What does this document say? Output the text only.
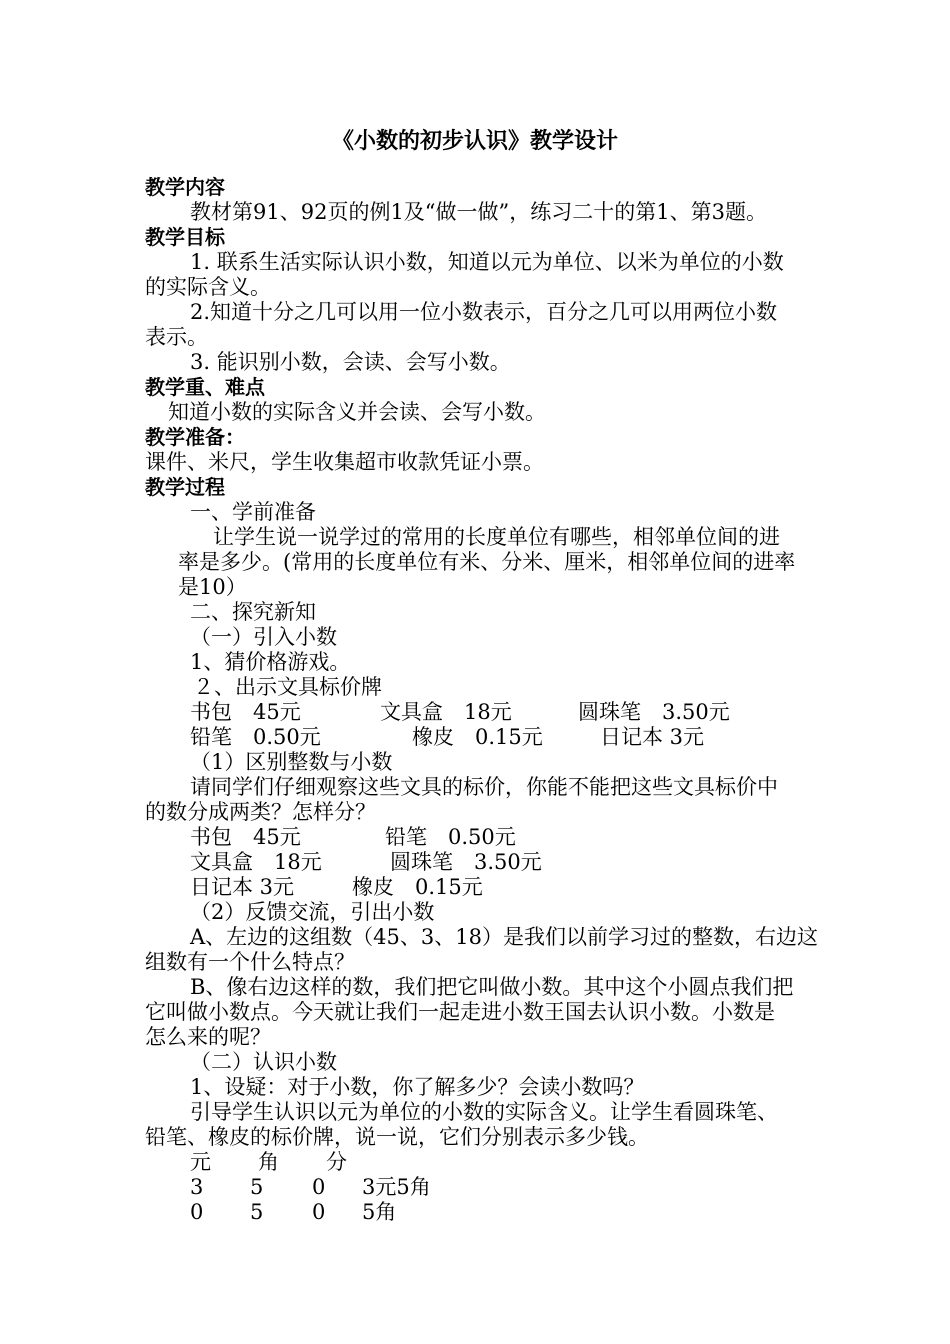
《小数的初步认识》教学设计
教学内容
教材第91、92页的例1及“做一做”，练习二十的第1、第3题。
教学目标
1. 联系生活实际认识小数，知道以元为单位、以米为单位的小数
的实际含义。
2.知道十分之几可以用一位小数表示，百分之几可以用两位小数
表示。
3. 能识别小数，会读、会写小数。
教学重、难点
知道小数的实际含义并会读、会写小数。
教学准备：
课件、米尺，学生收集超市收款凭证小票。
教学过程
一、学前准备
让学生说一说学过的常用的长度单位有哪些，相邻单位间的进
率是多少。(常用的长度单位有米、分米、厘米，相邻单位间的进率
是10）
二、探究新知
（一）引入小数
1、猜价格游戏。
２、出示文具标价牌
书包　45元	文具盒　18元	圆珠笔　3.50元
铅笔　0.50元	橡皮　0.15元	日记本 3元
（1）区别整数与小数
请同学们仔细观察这些文具的标价，你能不能把这些文具标价中
的数分成两类？怎样分？
书包　45元	铅笔　0.50元
文具盒　18元	圆珠笔　3.50元
日记本 3元	橡皮　0.15元
（2）反馈交流，引出小数
A、左边的这组数（45、3、18）是我们以前学习过的整数，右边这
组数有一个什么特点？
B、像右边这样的数，我们把它叫做小数。其中这个小圆点我们把
它叫做小数点。今天就让我们一起走进小数王国去认识小数。小数是
怎么来的呢？
（二）认识小数
1、设疑：对于小数，你了解多少？会读小数吗？
引导学生认识以元为单位的小数的实际含义。让学生看圆珠笔、
铅笔、橡皮的标价牌，说一说，它们分别表示多少钱。
元 角 分
3 5 0 3元5角
0 5 0 5角
